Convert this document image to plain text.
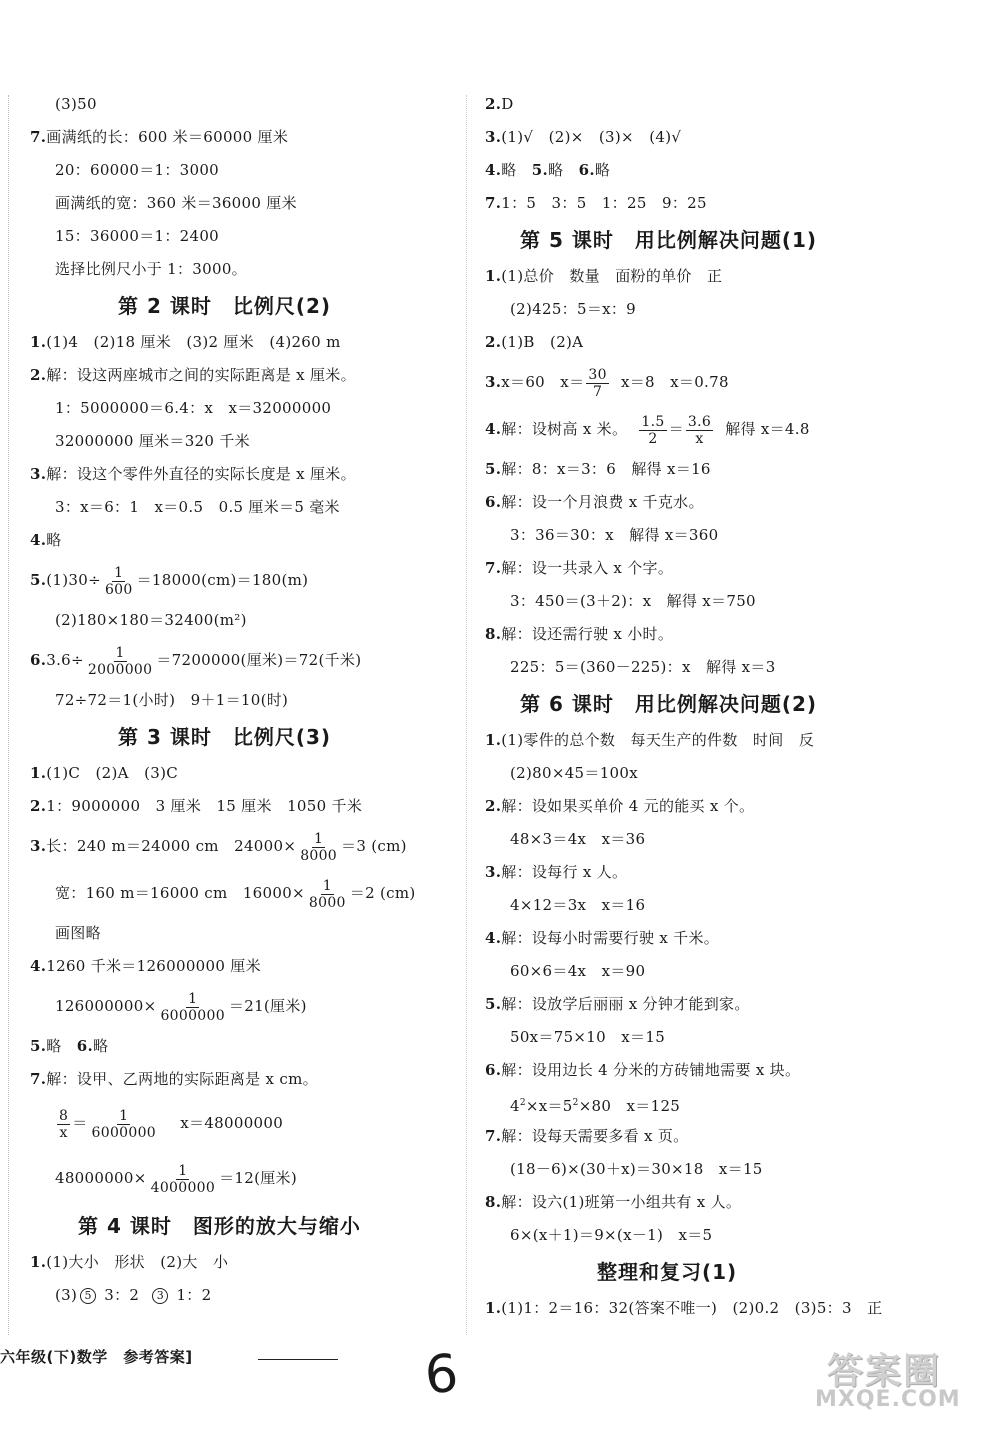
(3)50
7.画满纸的长：600 米＝60000 厘米
20：60000＝1：3000
画满纸的宽：360 米＝36000 厘米
15：36000＝1：2400
选择比例尺小于 1：3000。
第 2 课时　比例尺(2)
1.(1)4　(2)18 厘米　(3)2 厘米　(4)260 m
2.解：设这两座城市之间的实际距离是 x 厘米。
1：5000000＝6.4：x　x＝32000000
32000000 厘米＝320 千米
3.解：设这个零件外直径的实际长度是 x 厘米。
3：x＝6：1　x＝0.5　0.5 厘米＝5 毫米
4.略
$5.(1)30\div \frac{1}{600} =18000(cm)=180(m)$
(2)180×180＝32400(m²)
$6.3.6\div \frac{1}{2000000} =7200000$(厘米)＝72(千米)
72÷72＝1(小时)　9＋1＝10(时)
第 3 课时　比例尺(3)
1.(1)C　(2)A　(3)C
2.1：9000000　3 厘米　15 厘米　1050 千米
3.长：240 m＝24000 cm　$24000\times \frac{1}{8000} =3$ (cm)
宽：160 m＝16000 cm　$16000\times \frac{1}{8000} =2$ (cm)
画图略
4.1260 千米＝126000000 厘米
$126000000\times \frac{1}{6000000} =21$(厘米)
5.略 6.略
7.解：设甲、乙两地的实际距离是 x cm。
$\frac{8}{x} = \frac{1}{6000000} x=48000000$
$48000000\times \frac{1}{4000000} =12$(厘米)
第 4 课时　图形的放大与缩小
1.(1)大小　形状　(2)大　小
(3) 5 3：2 3 1：2
2.D
3.(1)√　(2)×　(3)×　(4)√
4.略 5.略 6.略
7.1：5　3：5　1：25　9：25
第 5 课时　用比例解决问题(1)
1.(1)总价　数量　面粉的单价　正
(2)425：5＝x：9
2.(1)B　(2)A
3.x＝60　$x= \frac{30}{7} x=8$　x＝0.78
4.解：设树高 x 米。 $\frac{1.5}{2} = \frac{3.6}{x}$ 解得 x＝4.8
5.解：8：x＝3：6　解得 x＝16
6.解：设一个月浪费 x 千克水。
3：36＝30：x　解得 x＝360
7.解：设一共录入 x 个字。
3：450＝(3＋2)：x　解得 x＝750
8.解：设还需行驶 x 小时。
225：5＝(360－225)：x　解得 x＝3
第 6 课时　用比例解决问题(2)
1.(1)零件的总个数　每天生产的件数　时间　反
(2)80×45＝100x
2.解：设如果买单价 4 元的能买 x 个。
48×3＝4x　x＝36
3.解：设每行 x 人。
4×12＝3x　x＝16
4.解：设每小时需要行驶 x 千米。
60×6＝4x　x＝90
5.解：设放学后丽丽 x 分钟才能到家。
50x＝75×10　x＝15
6.解：设用边长 4 分米的方砖铺地需要 x 块。
$4^2\times x=5^2\times 80$　x＝125
7.解：设每天需要多看 x 页。
(18－6)×(30＋x)＝30×18　x＝15
8.解：设六(1)班第一小组共有 x 人。
6×(x＋1)＝9×(x－1)　x＝5
整理和复习(1)
1.(1)1：2＝16：32(答案不唯一)　(2)0.2　(3)5：3　正
六年级(下)数学　参考答案]	6	答案圈
MXQE.COM
